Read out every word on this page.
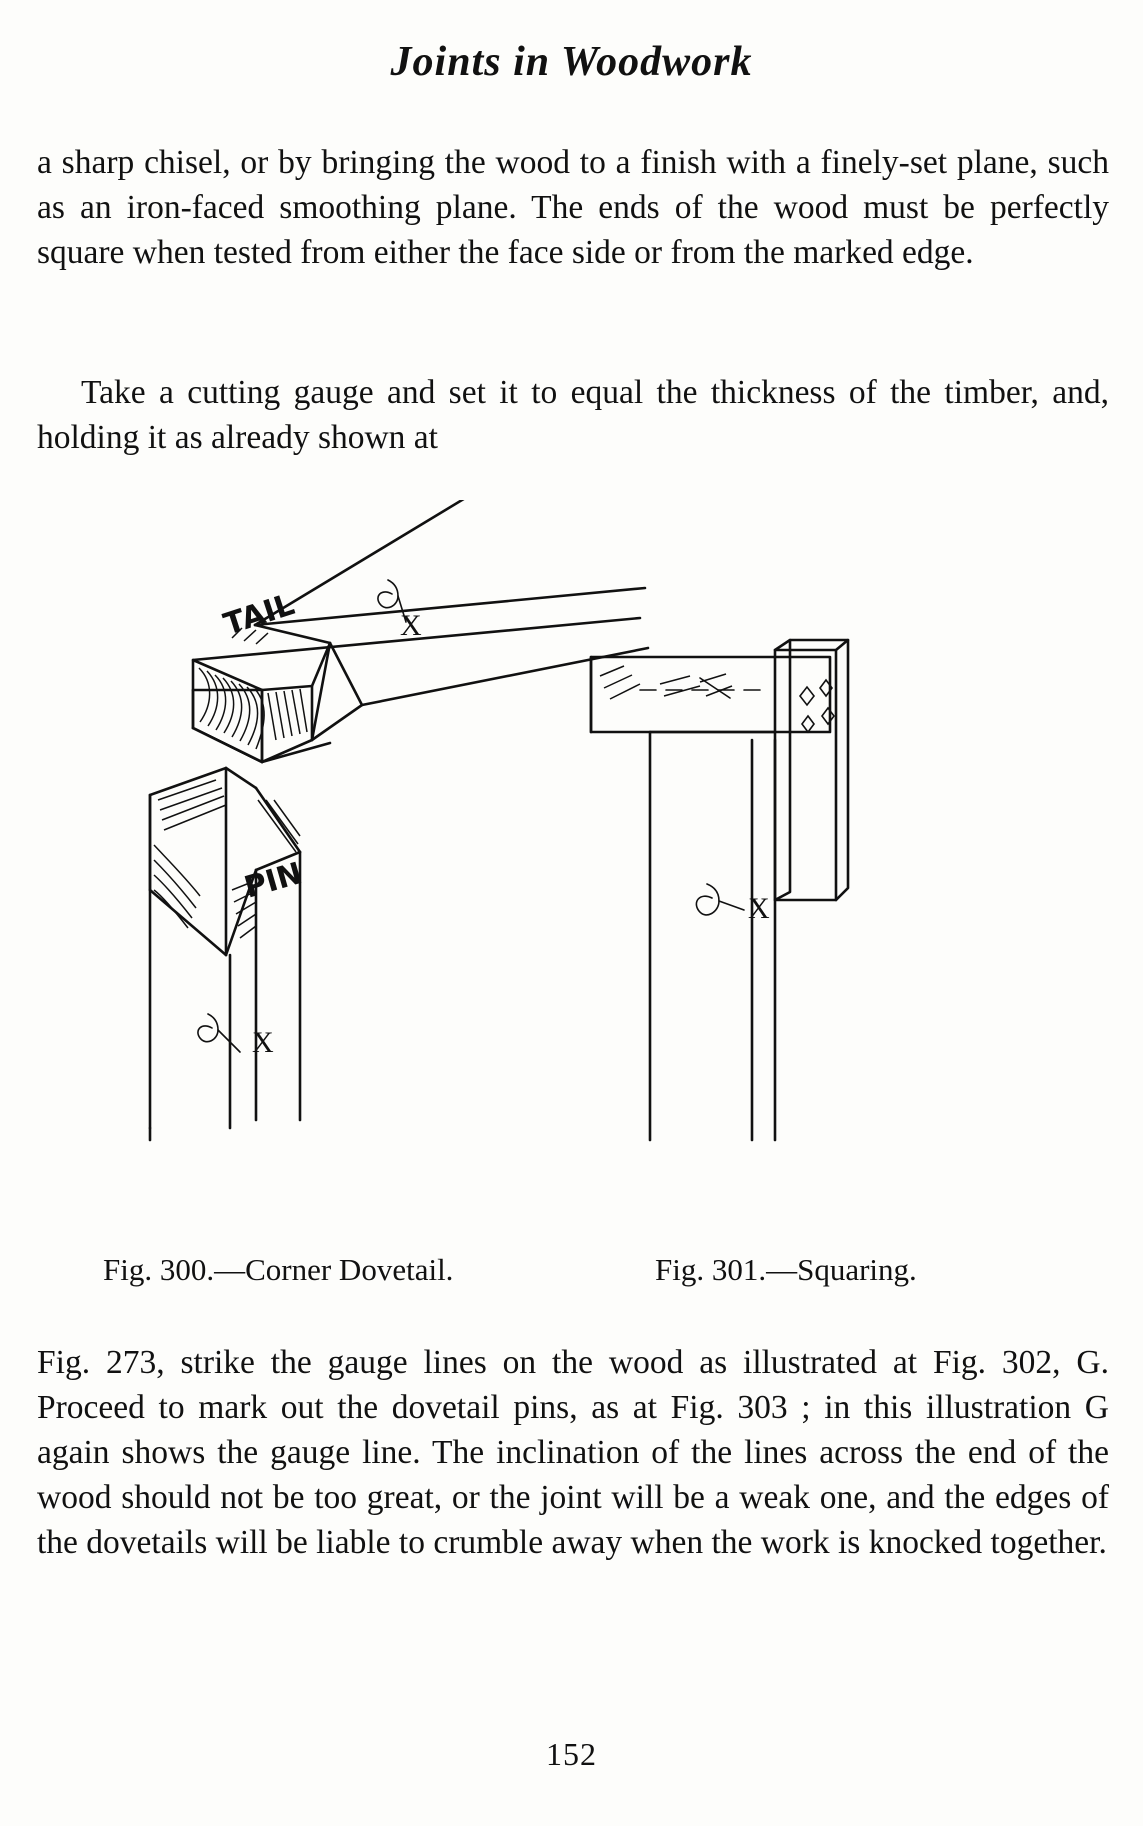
Joints in Woodwork
a sharp chisel, or by bringing the wood to a finish with a finely-set plane, such as an iron-faced smoothing plane. The ends of the wood must be perfectly square when tested from either the face side or from the marked edge.
Take a cutting gauge and set it to equal the thickness of the timber, and, holding it as already shown at
X
TAIL
PIN
X
X
Fig. 300.—Corner Dovetail.	Fig. 301.—Squaring.
Fig. 273, strike the gauge lines on the wood as illustrated at Fig. 302, G. Proceed to mark out the dovetail pins, as at Fig. 303 ; in this illustration G again shows the gauge line. The inclination of the lines across the end of the wood should not be too great, or the joint will be a weak one, and the edges of the dovetails will be liable to crumble away when the work is knocked together.
152
